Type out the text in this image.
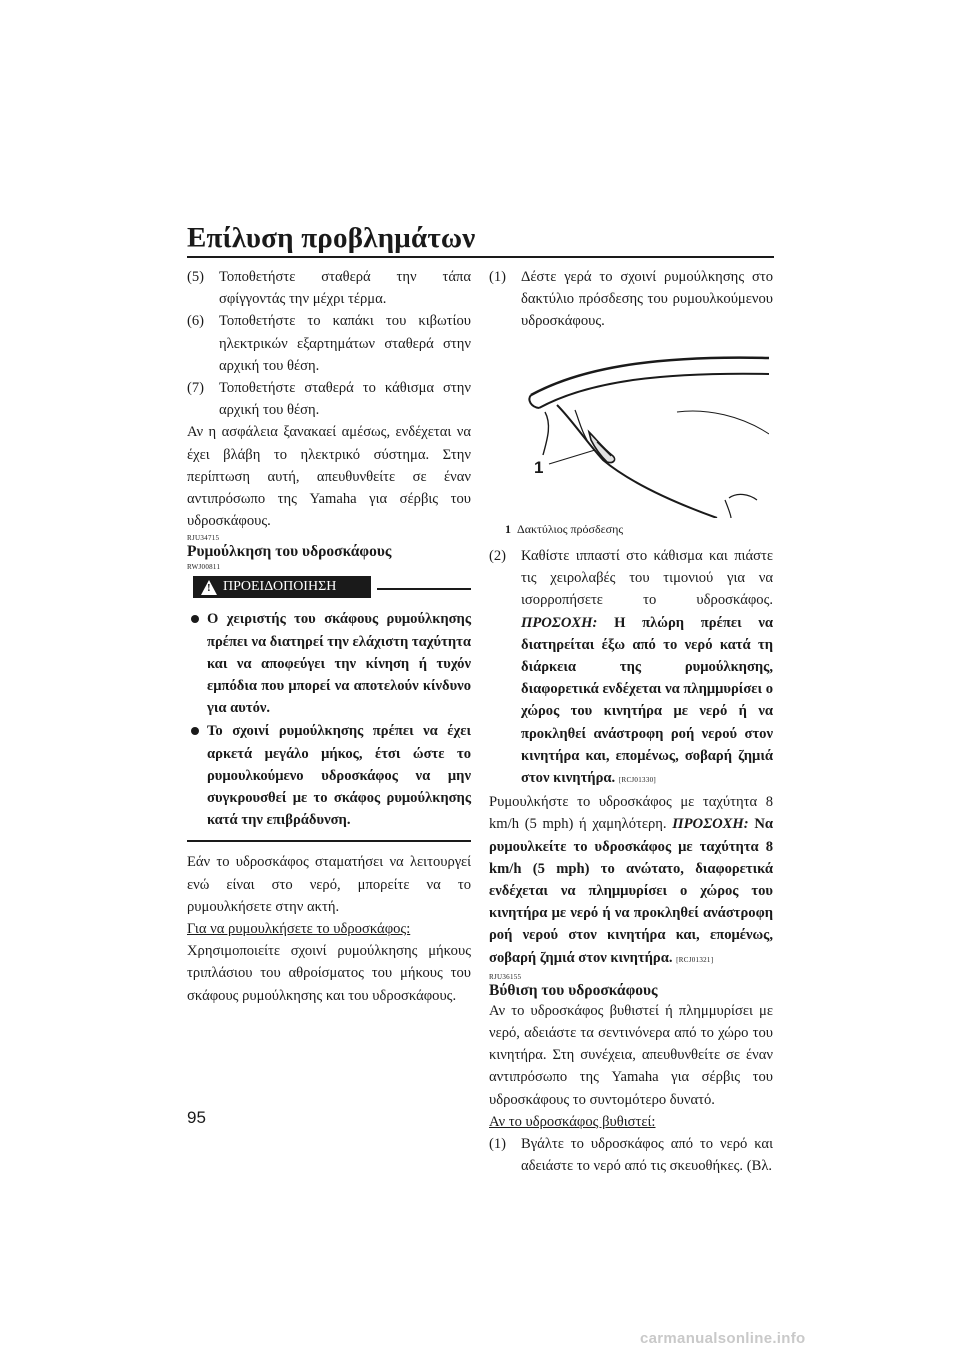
Επίλυση προβλημάτων

(5) Τοποθετήστε σταθερά την τάπα σφίγγοντάς την μέχρι τέρμα.

(6) Τοποθετήστε το καπάκι του κιβωτίου ηλεκτρικών εξαρτημάτων σταθερά στην αρχική του θέση.

(7) Τοποθετήστε σταθερά το κάθισμα στην αρχική του θέση.

Αν η ασφάλεια ξανακαεί αμέσως, ενδέχεται να έχει βλάβη το ηλεκτρικό σύστημα. Στην περίπτωση αυτή, απευθυνθείτε σε έναν αντιπρόσωπο της Yamaha για σέρβις του υδροσκάφους.

RJU34715
Ρυμούλκηση του υδροσκάφους
RWJ00811
!
ΠΡΟΕΙΔΟΠΟΙΗΣΗ
Ο χειριστής του σκάφους ρυμούλκησης πρέπει να διατηρεί την ελάχιστη ταχύτητα και να αποφεύγει την κίνηση ή τυχόν εμπόδια που μπορεί να αποτελούν κίνδυνο για αυτόν.
Το σχοινί ρυμούλκησης πρέπει να έχει αρκετά μεγάλο μήκος, έτσι ώστε το ρυμουλκούμενο υδροσκάφος να μην συγκρουσθεί με το σκάφος ρυμούλκησης κατά την επιβράδυνση.

Εάν το υδροσκάφος σταματήσει να λειτουργεί ενώ είναι στο νερό, μπορείτε να το ρυμουλκήσετε στην ακτή.

Για να ρυμουλκήσετε το υδροσκάφος:

Χρησιμοποιείτε σχοινί ρυμούλκησης μήκους τριπλάσιου του αθροίσματος του μήκους του σκάφους ρυμούλκησης και του υδροσκάφους.

(1) Δέστε γερά το σχοινί ρυμούλκησης στο δακτύλιο πρόσδεσης του ρυμουλκούμενου υδροσκάφους.

1
1 Δακτύλιος πρόσδεσης

(2) Καθίστε ιππαστί στο κάθισμα και πιάστε τις χειρολαβές του τιμονιού για να ισορροπήσετε το υδροσκάφος. ΠΡΟΣΟΧΗ: Η πλώρη πρέπει να διατηρείται έξω από το νερό κατά τη διάρκεια της ρυμούλκησης, διαφορετικά ενδέχεται να πλημμυρίσει ο χώρος του κινητήρα με νερό ή να προκληθεί ανάστροφη ροή νερού στον κινητήρα και, επομένως, σοβαρή ζημιά στον κινητήρα. [RCJ01330]

Ρυμουλκήστε το υδροσκάφος με ταχύτητα 8 km/h (5 mph) ή χαμηλότερη. ΠΡΟΣΟΧΗ: Να ρυμουλκείτε το υδροσκάφος με ταχύτητα 8 km/h (5 mph) το ανώτατο, διαφορετικά ενδέχεται να πλημμυρίσει ο χώρος του κινητήρα με νερό ή να προκληθεί ανάστροφη ροή νερού στον κινητήρα και, επομένως, σοβαρή ζημιά στον κινητήρα. [RCJ01321]

RJU36155
Βύθιση του υδροσκάφους

Αν το υδροσκάφος βυθιστεί ή πλημμυρίσει με νερό, αδειάστε τα σεντινόνερα από το χώρο του κινητήρα. Στη συνέχεια, απευθυνθείτε σε έναν αντιπρόσωπο της Yamaha για σέρβις του υδροσκάφους το συντομότερο δυνατό.

Αν το υδροσκάφος βυθιστεί:

(1) Βγάλτε το υδροσκάφος από το νερό και αδειάστε το νερό από τις σκευοθήκες. (Βλ.

95
carmanualsonline.info
